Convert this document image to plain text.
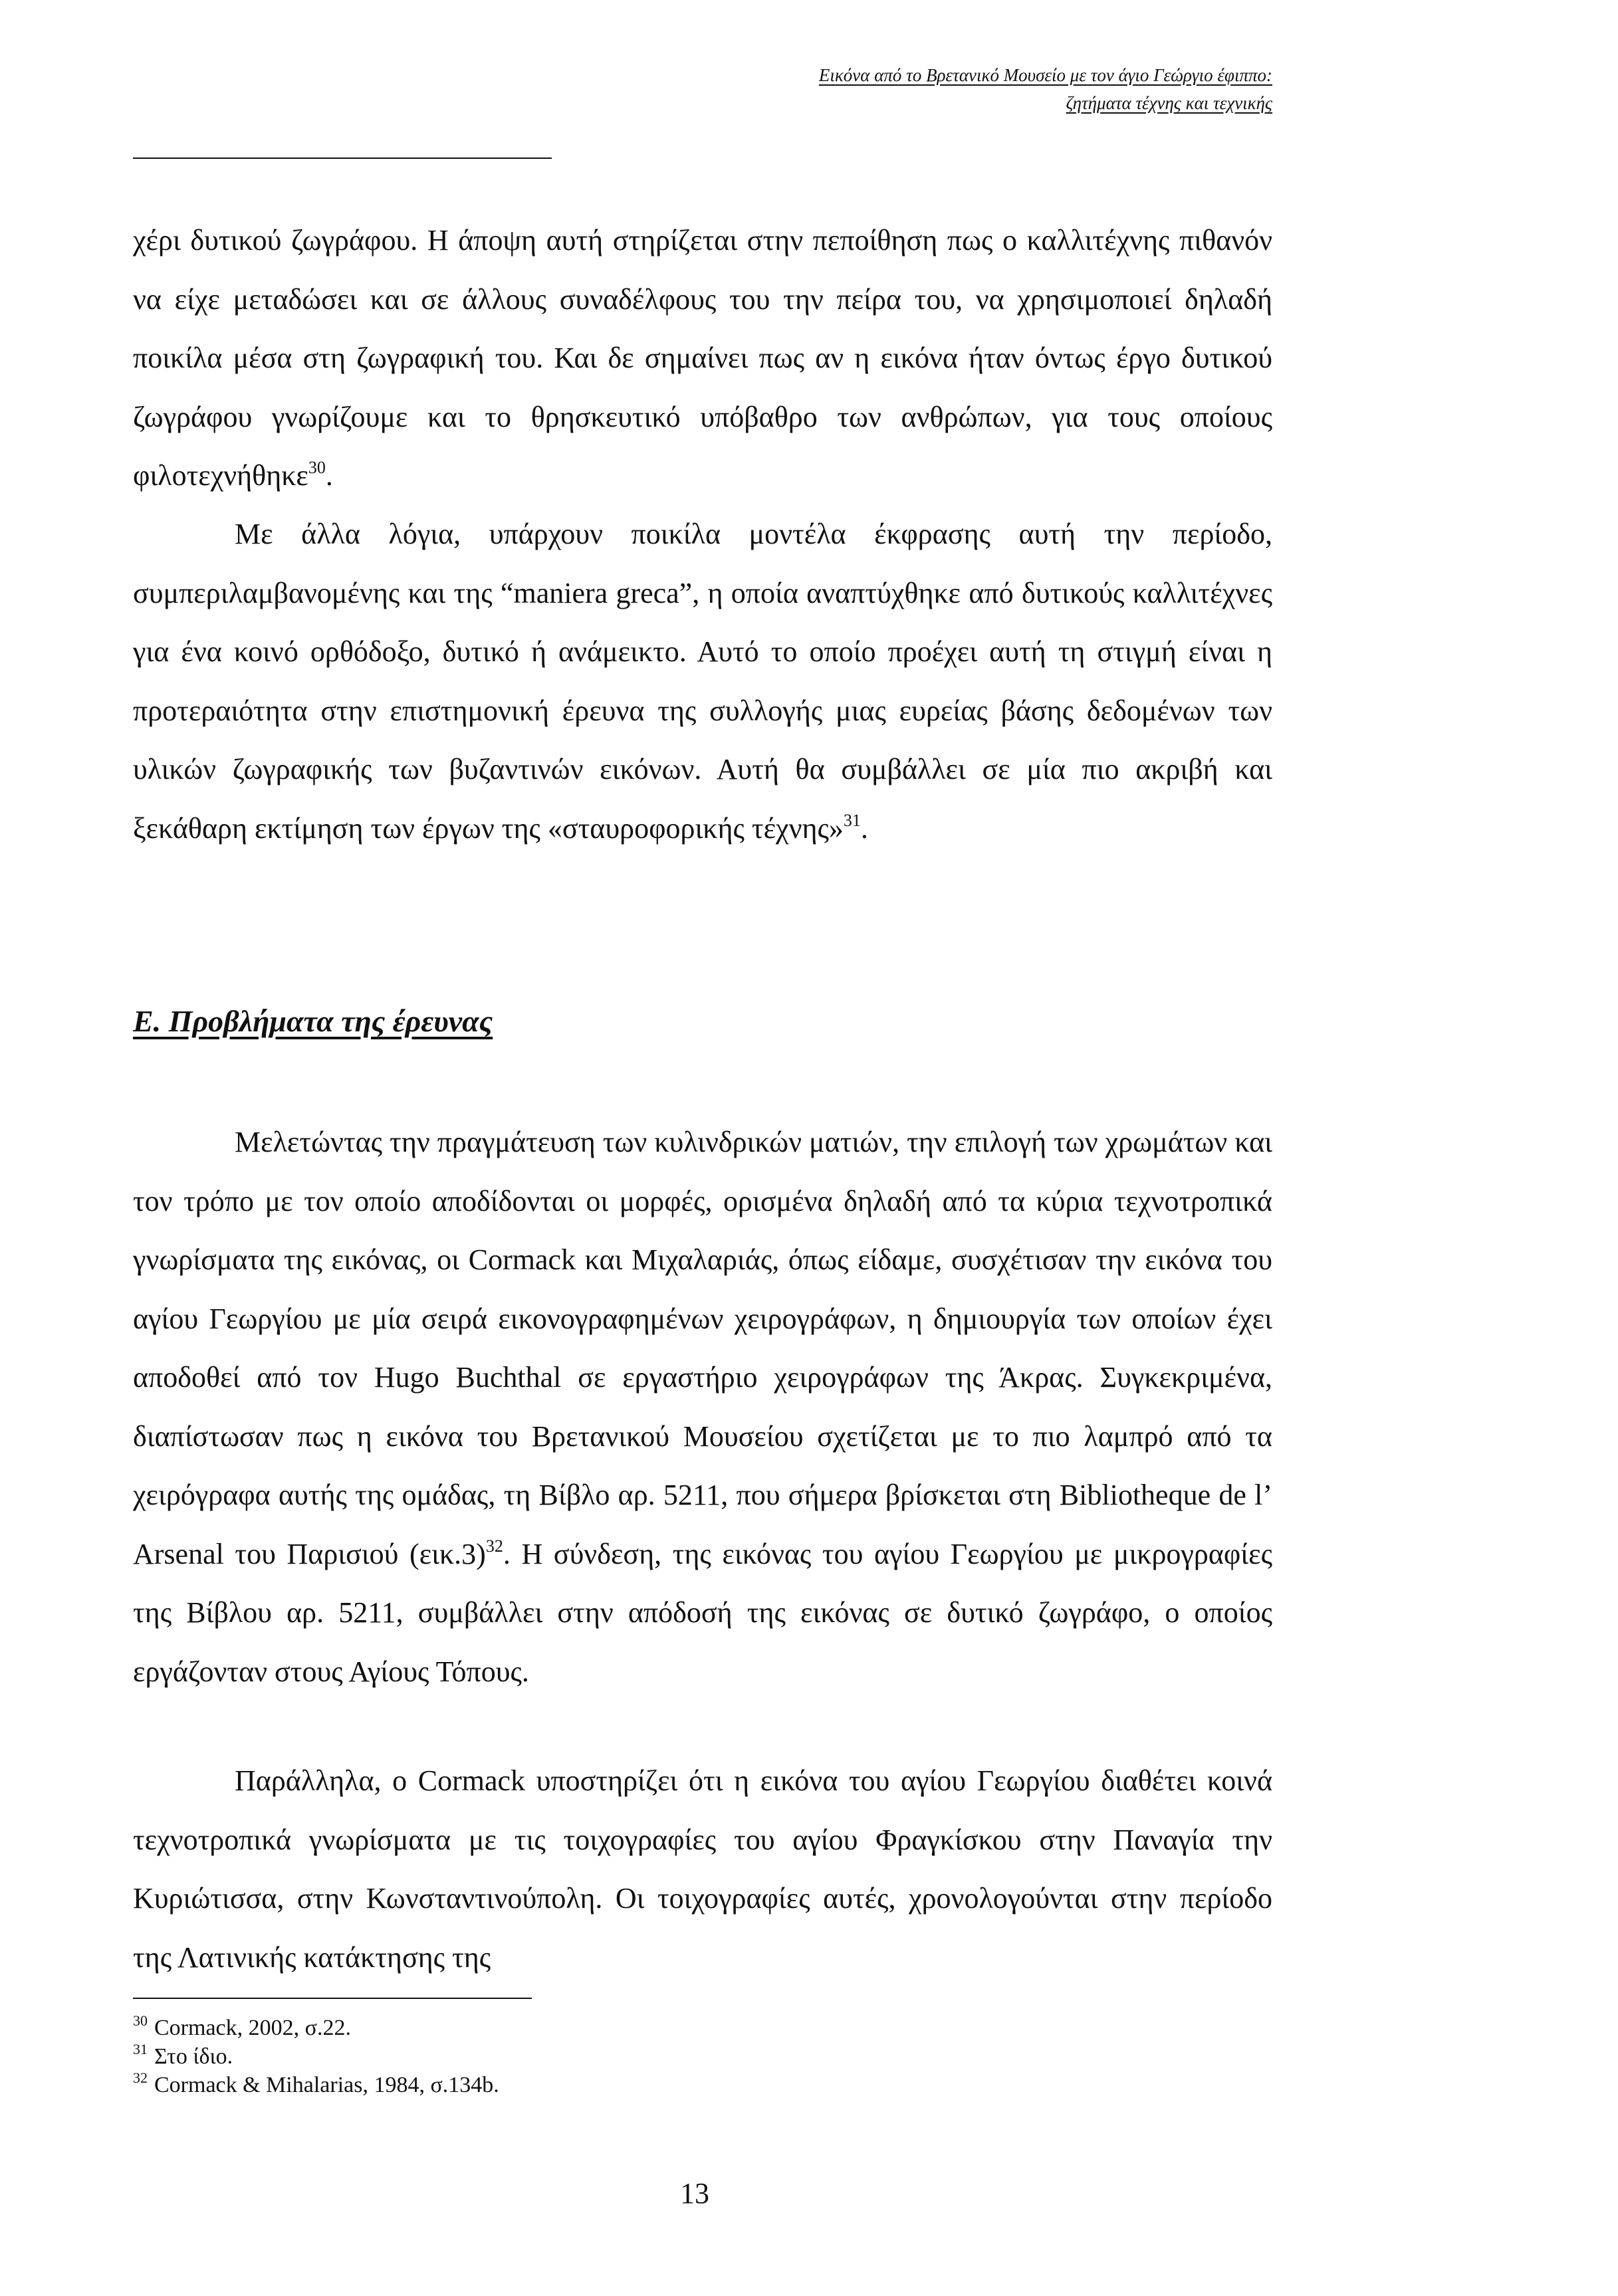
Εικόνα από το Βρετανικό Μουσείο με τον άγιο Γεώργιο έφιππο:
ζητήματα τέχνης και τεχνικής

χέρι δυτικού ζωγράφου. Η άποψη αυτή στηρίζεται στην πεποίθηση πως ο καλλιτέχνης πιθανόν να είχε μεταδώσει και σε άλλους συναδέλφους του την πείρα του, να χρησιμοποιεί δηλαδή ποικίλα μέσα στη ζωγραφική του. Και δε σημαίνει πως αν η εικόνα ήταν όντως έργο δυτικού ζωγράφου γνωρίζουμε και το θρησκευτικό υπόβαθρο των ανθρώπων, για τους οποίους φιλοτεχνήθηκε$^{30}$.

Με άλλα λόγια, υπάρχουν ποικίλα μοντέλα έκφρασης αυτή την περίοδο, συμπεριλαμβανομένης και της “maniera greca”, η οποία αναπτύχθηκε από δυτικούς καλλιτέχνες για ένα κοινό ορθόδοξο, δυτικό ή ανάμεικτο. Αυτό το οποίο προέχει αυτή τη στιγμή είναι η προτεραιότητα στην επιστημονική έρευνα της συλλογής μιας ευρείας βάσης δεδομένων των υλικών ζωγραφικής των βυζαντινών εικόνων. Αυτή θα συμβάλλει σε μία πιο ακριβή και ξεκάθαρη εκτίμηση των έργων της «σταυροφορικής τέχνης»$^{31}$.

Ε. Προβλήματα της έρευνας

Μελετώντας την πραγμάτευση των κυλινδρικών ματιών, την επιλογή των χρωμάτων και τον τρόπο με τον οποίο αποδίδονται οι μορφές, ορισμένα δηλαδή από τα κύρια τεχνοτροπικά γνωρίσματα της εικόνας, οι Cormack και Μιχαλαριάς, όπως είδαμε, συσχέτισαν την εικόνα του αγίου Γεωργίου με μία σειρά εικονογραφημένων χειρογράφων, η δημιουργία των οποίων έχει αποδοθεί από τον Hugo Buchthal σε εργαστήριο χειρογράφων της Άκρας. Συγκεκριμένα, διαπίστωσαν πως η εικόνα του Βρετανικού Μουσείου σχετίζεται με το πιο λαμπρό από τα χειρόγραφα αυτής της ομάδας, τη Βίβλο αρ. 5211, που σήμερα βρίσκεται στη Bibliotheque de l’ Arsenal του Παρισιού $(\varepsilon\iota\kappa.3)^{32}$. Η σύνδεση, της εικόνας του αγίου Γεωργίου με μικρογραφίες της Βίβλου αρ. 5211, συμβάλλει στην απόδοσή της εικόνας σε δυτικό ζωγράφο, ο οποίος εργάζονταν στους Αγίους Τόπους.

Παράλληλα, ο Cormack υποστηρίζει ότι η εικόνα του αγίου Γεωργίου διαθέτει κοινά τεχνοτροπικά γνωρίσματα με τις τοιχογραφίες του αγίου Φραγκίσκου στην Παναγία την Κυριώτισσα, στην Κωνσταντινούπολη. Οι τοιχογραφίες αυτές, χρονολογούνται στην περίοδο της Λατινικής κατάκτησης της

$^{30}$ Cormack, 2002, σ.22.
$^{31}$ Στο ίδιο.
$^{32}$ Cormack & Mihalarias, 1984, σ.134b.
13
